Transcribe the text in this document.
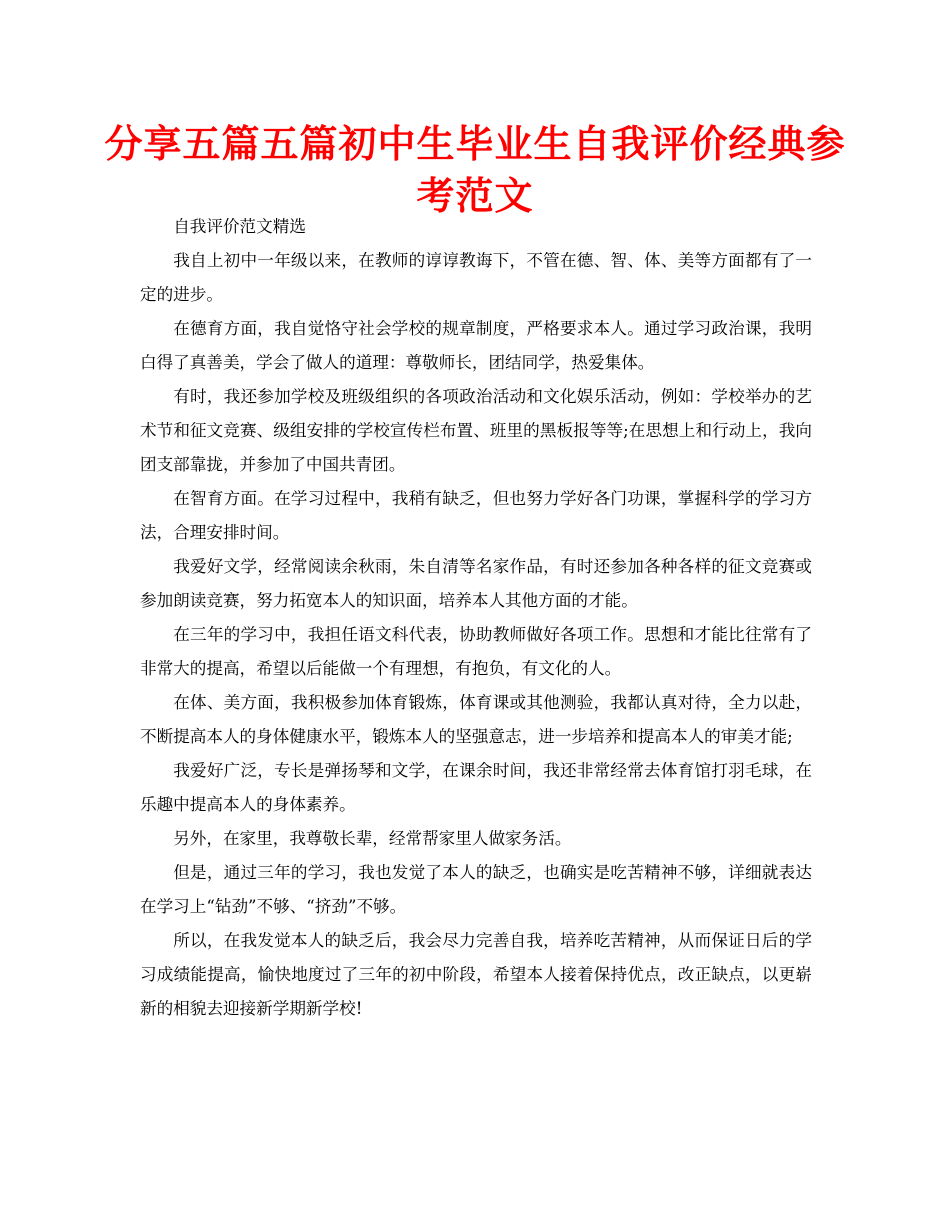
分享五篇五篇初中生毕业生自我评价经典参考范文

自我评价范文精选

我自上初中一年级以来，在教师的谆谆教诲下，不管在德、智、体、美等方面都有了一定的进步。

在德育方面，我自觉恪守社会学校的规章制度，严格要求本人。通过学习政治课，我明白得了真善美，学会了做人的道理：尊敬师长，团结同学，热爱集体。

有时，我还参加学校及班级组织的各项政治活动和文化娱乐活动，例如：学校举办的艺术节和征文竞赛、级组安排的学校宣传栏布置、班里的黑板报等等;在思想上和行动上，我向团支部靠拢，并参加了中国共青团。

在智育方面。在学习过程中，我稍有缺乏，但也努力学好各门功课，掌握科学的学习方法，合理安排时间。

我爱好文学，经常阅读余秋雨，朱自清等名家作品，有时还参加各种各样的征文竞赛或参加朗读竞赛，努力拓宽本人的知识面，培养本人其他方面的才能。

在三年的学习中，我担任语文科代表，协助教师做好各项工作。思想和才能比往常有了非常大的提高，希望以后能做一个有理想，有抱负，有文化的人。

在体、美方面，我积极参加体育锻炼，体育课或其他测验，我都认真对待，全力以赴，不断提高本人的身体健康水平，锻炼本人的坚强意志，进一步培养和提高本人的审美才能;

我爱好广泛，专长是弹扬琴和文学，在课余时间，我还非常经常去体育馆打羽毛球，在乐趣中提高本人的身体素养。

另外，在家里，我尊敬长辈，经常帮家里人做家务活。

但是，通过三年的学习，我也发觉了本人的缺乏，也确实是吃苦精神不够，详细就表达在学习上“钻劲”不够、“挤劲”不够。

所以，在我发觉本人的缺乏后，我会尽力完善自我，培养吃苦精神，从而保证日后的学习成绩能提高，愉快地度过了三年的初中阶段，希望本人接着保持优点，改正缺点，以更崭新的相貌去迎接新学期新学校!
